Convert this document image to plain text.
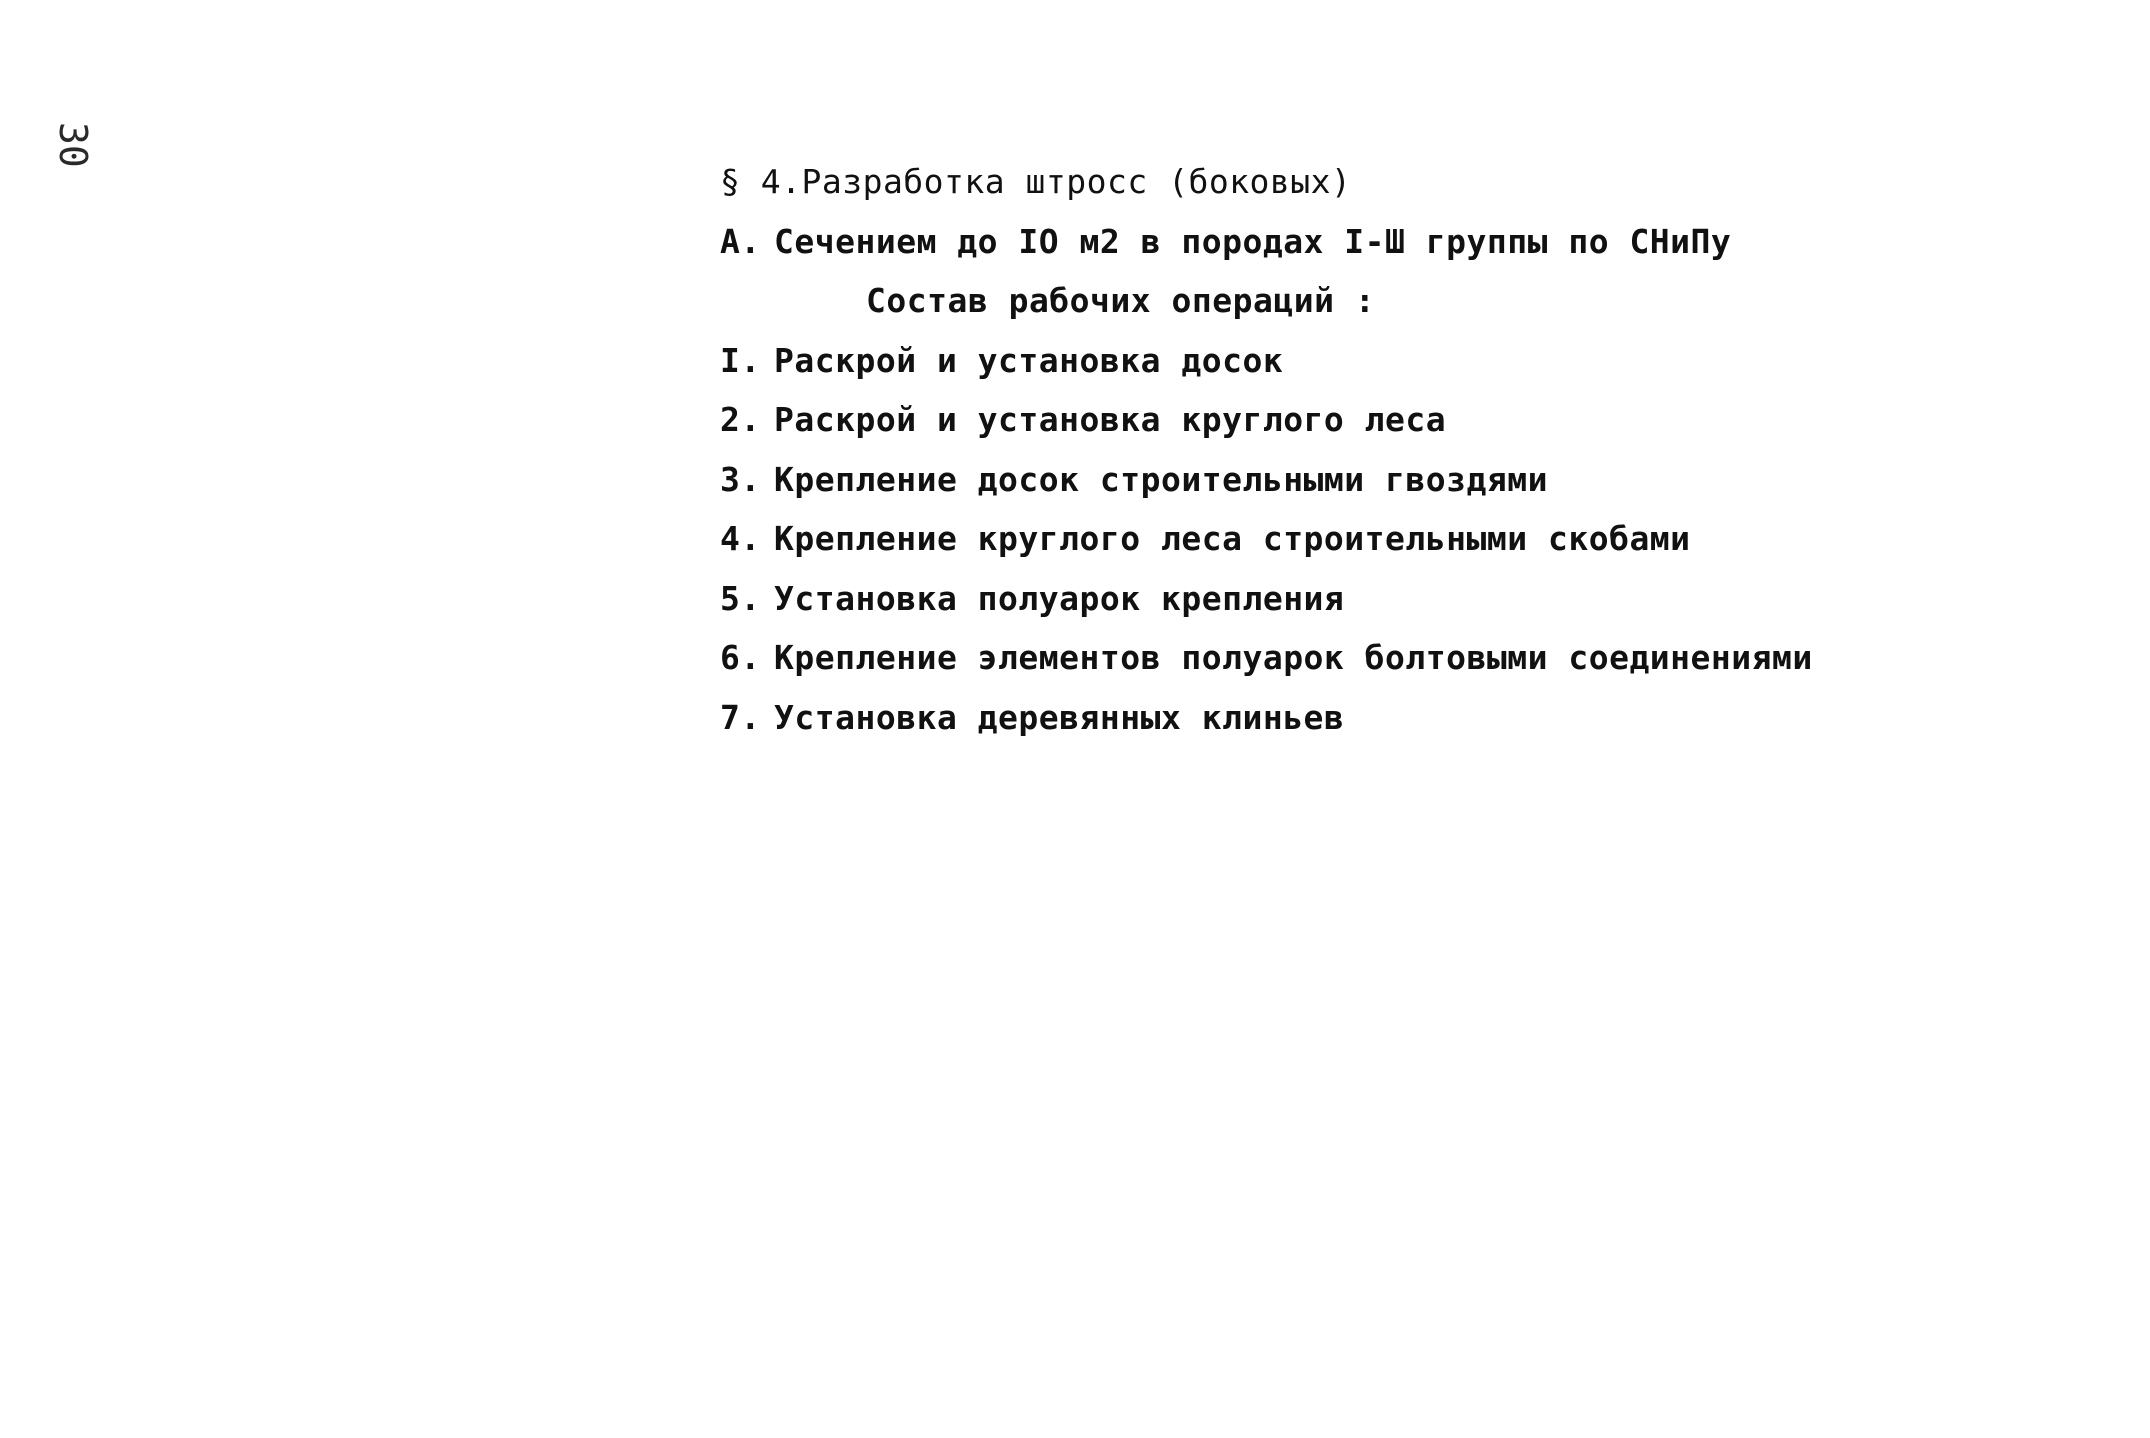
30
§ 4.Разработка штросс (боковых)
А. Сечением до IO м2 в породах I-Ш группы по СНиПу
Состав рабочих операций :
I. Раскрой и установка досок
2. Раскрой и установка круглого леса
3. Крепление досок строительными гвоздями
4. Крепление круглого леса строительными скобами
5. Установка полуарок крепления
6. Крепление элементов полуарок болтовыми соединениями
7. Установка деревянных клиньев
